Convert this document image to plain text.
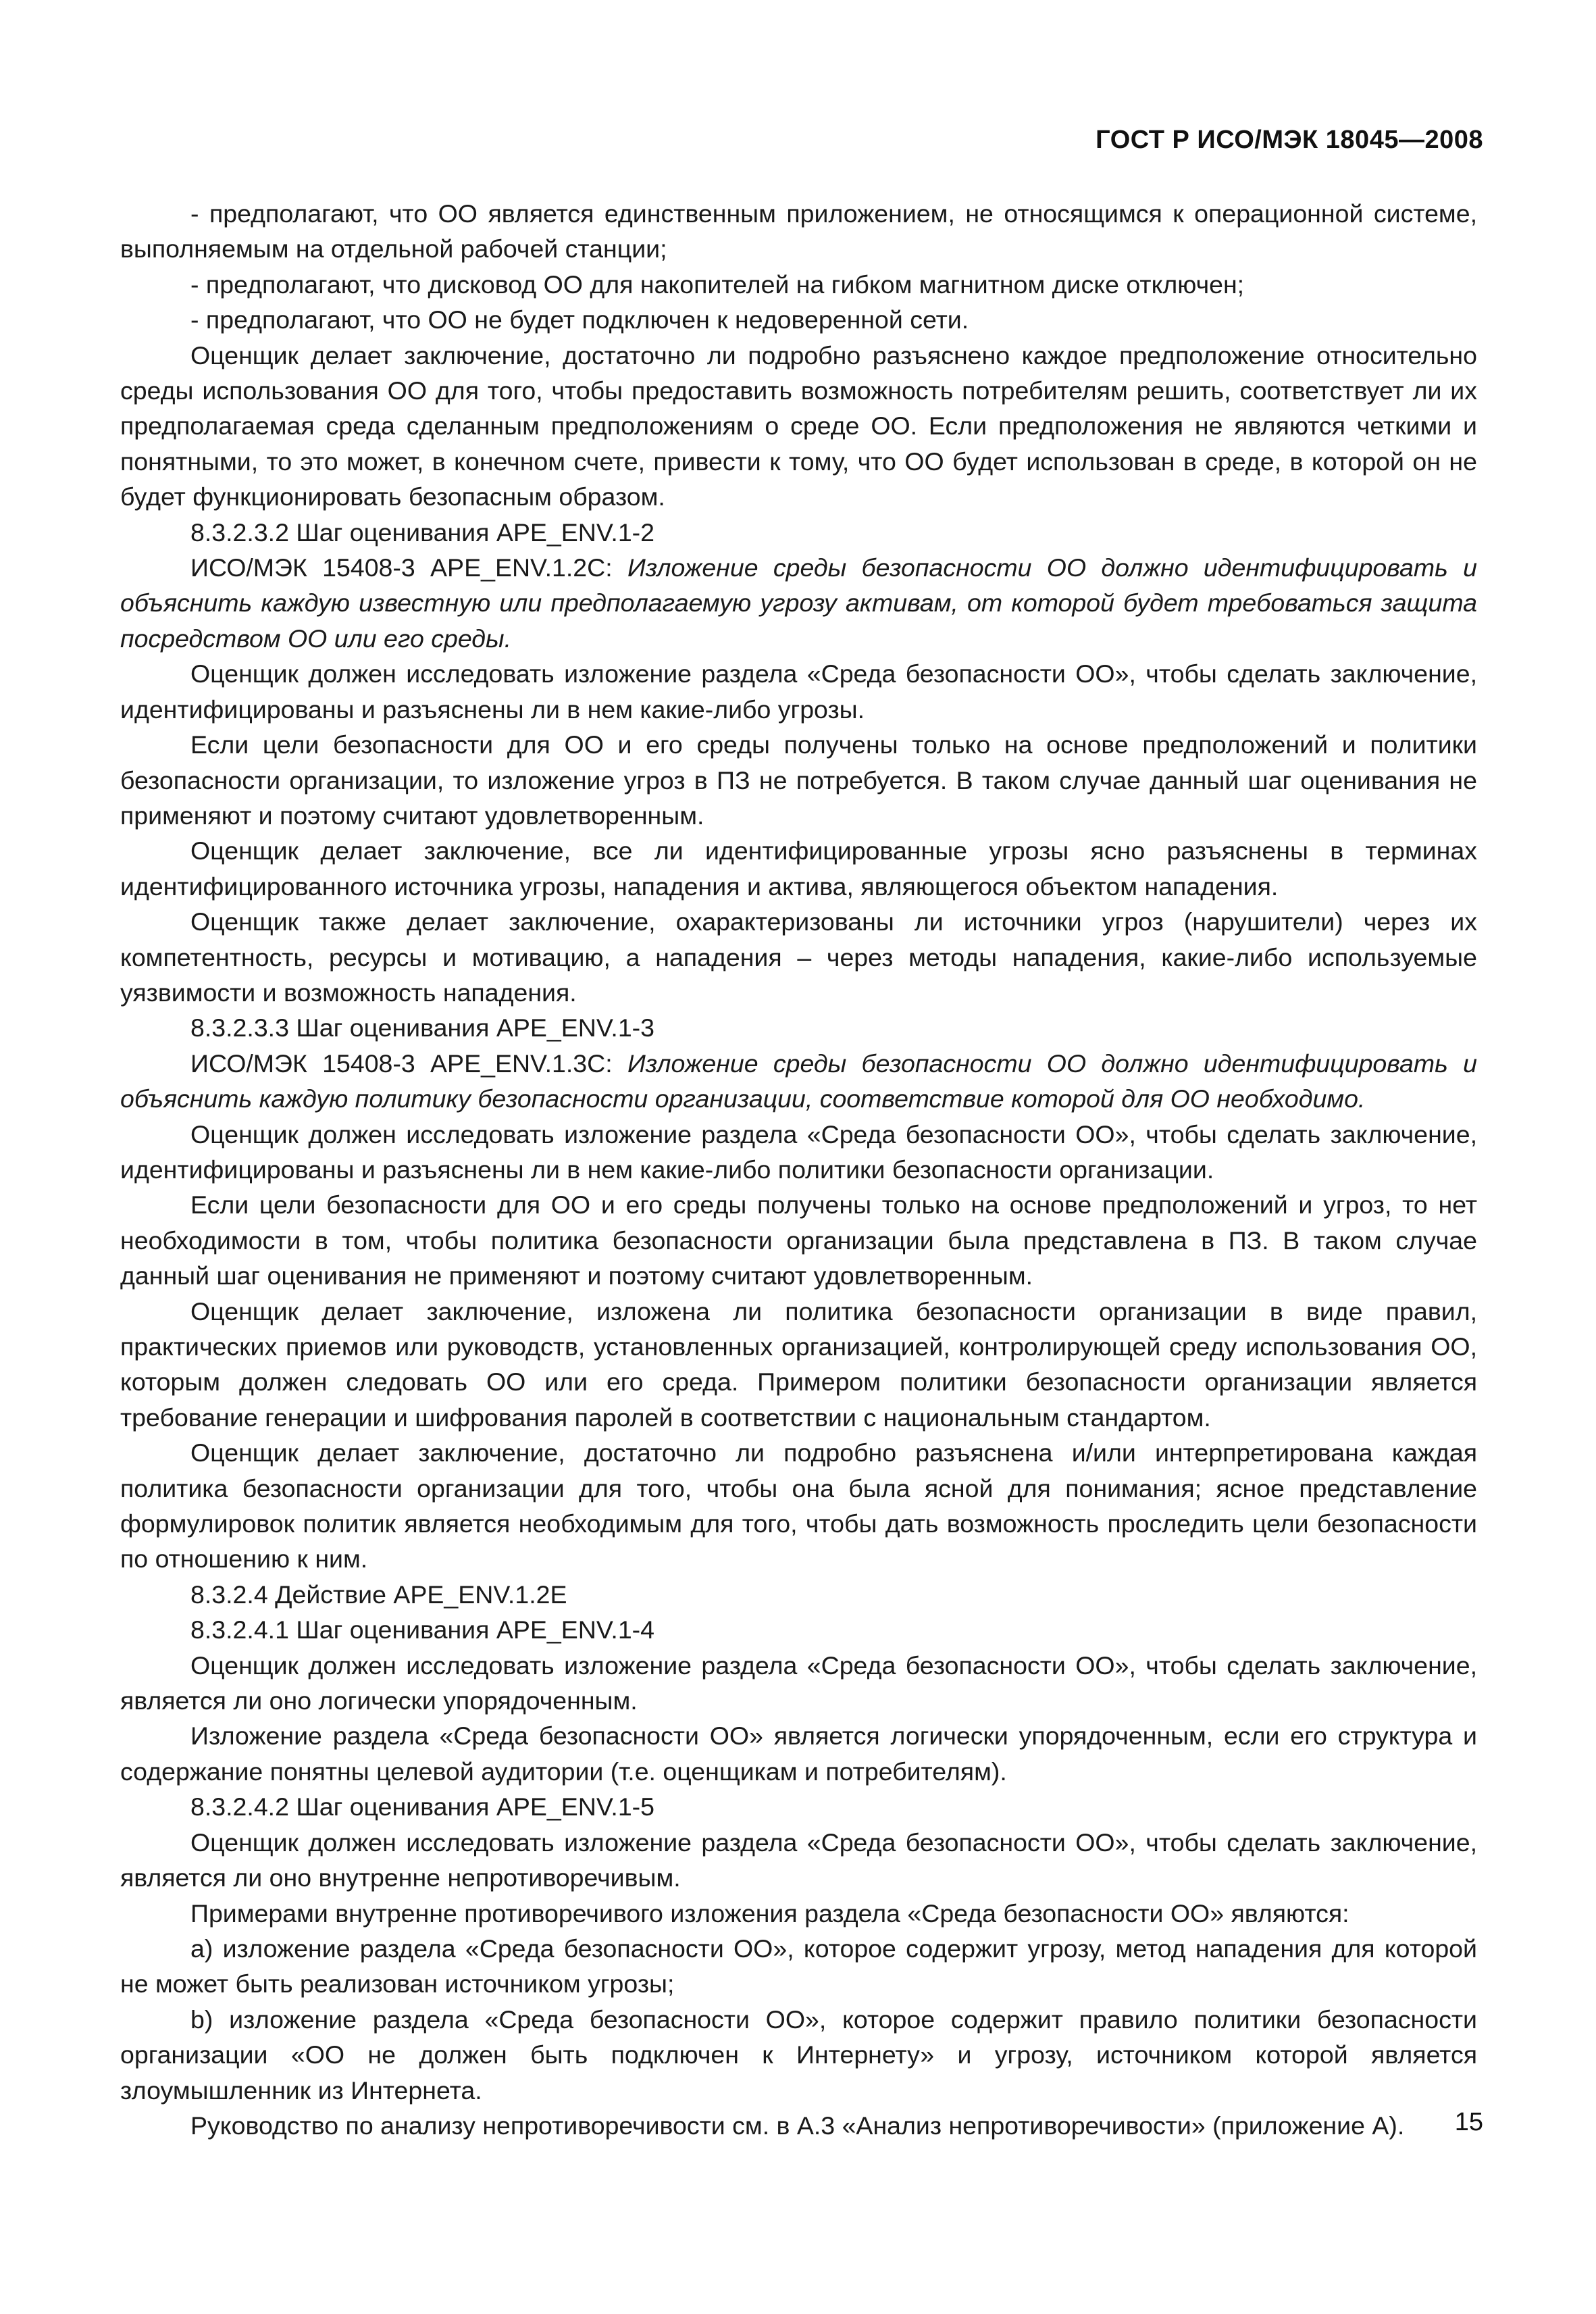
ГОСТ Р ИСО/МЭК 18045—2008

- предполагают, что ОО является единственным приложением, не относящимся к операционной системе, выполняемым на отдельной рабочей станции;

- предполагают, что дисковод ОО для накопителей на гибком магнитном диске отключен;

- предполагают, что ОО не будет подключен к недоверенной сети.

Оценщик делает заключение, достаточно ли подробно разъяснено каждое предположение относительно среды использования ОО для того, чтобы предоставить возможность потребителям решить, соответствует ли их предполагаемая среда сделанным предположениям о среде ОО. Если предположения не являются четкими и понятными, то это может, в конечном счете, привести к тому, что ОО будет использован в среде, в которой он не будет функционировать безопасным образом.

8.3.2.3.2 Шаг оценивания APE_ENV.1-2

ИСО/МЭК 15408-3 APE_ENV.1.2C: Изложение среды безопасности ОО должно идентифицировать и объяснить каждую известную или предполагаемую угрозу активам, от которой будет требоваться защита посредством ОО или его среды.

Оценщик должен исследовать изложение раздела «Среда безопасности ОО», чтобы сделать заключение, идентифицированы и разъяснены ли в нем какие-либо угрозы.

Если цели безопасности для ОО и его среды получены только на основе предположений и политики безопасности организации, то изложение угроз в ПЗ не потребуется. В таком случае данный шаг оценивания не применяют и поэтому считают удовлетворенным.

Оценщик делает заключение, все ли идентифицированные угрозы ясно разъяснены в терминах идентифицированного источника угрозы, нападения и актива, являющегося объектом нападения.

Оценщик также делает заключение, охарактеризованы ли источники угроз (нарушители) через их компетентность, ресурсы и мотивацию, а нападения – через методы нападения, какие-либо используемые уязвимости и возможность нападения.

8.3.2.3.3 Шаг оценивания APE_ENV.1-3

ИСО/МЭК 15408-3 APE_ENV.1.3C: Изложение среды безопасности ОО должно идентифицировать и объяснить каждую политику безопасности организации, соответствие которой для ОО необходимо.

Оценщик должен исследовать изложение раздела «Среда безопасности ОО», чтобы сделать заключение, идентифицированы и разъяснены ли в нем какие-либо политики безопасности организации.

Если цели безопасности для ОО и его среды получены только на основе предположений и угроз, то нет необходимости в том, чтобы политика безопасности организации была представлена в ПЗ. В таком случае данный шаг оценивания не применяют и поэтому считают удовлетворенным.

Оценщик делает заключение, изложена ли политика безопасности организации в виде правил, практических приемов или руководств, установленных организацией, контролирующей среду использования ОО, которым должен следовать ОО или его среда. Примером политики безопасности организации является требование генерации и шифрования паролей в соответствии с национальным стандартом.

Оценщик делает заключение, достаточно ли подробно разъяснена и/или интерпретирована каждая политика безопасности организации для того, чтобы она была ясной для понимания; ясное представление формулировок политик является необходимым для того, чтобы дать возможность проследить цели безопасности по отношению к ним.

8.3.2.4 Действие APE_ENV.1.2E

8.3.2.4.1 Шаг оценивания APE_ENV.1-4

Оценщик должен исследовать изложение раздела «Среда безопасности ОО», чтобы сделать заключение, является ли оно логически упорядоченным.

Изложение раздела «Среда безопасности ОО» является логически упорядоченным, если его структура и содержание понятны целевой аудитории (т.е. оценщикам и потребителям).

8.3.2.4.2 Шаг оценивания APE_ENV.1-5

Оценщик должен исследовать изложение раздела «Среда безопасности ОО», чтобы сделать заключение, является ли оно внутренне непротиворечивым.

Примерами внутренне противоречивого изложения раздела «Среда безопасности ОО» являются:

a) изложение раздела «Среда безопасности ОО», которое содержит угрозу, метод нападения для которой не может быть реализован источником угрозы;

b) изложение раздела «Среда безопасности ОО», которое содержит правило политики безопасности организации «ОО не должен быть подключен к Интернету» и угрозу, источником которой является злоумышленник из Интернета.

Руководство по анализу непротиворечивости см. в А.3 «Анализ непротиворечивости» (приложение А).	15
